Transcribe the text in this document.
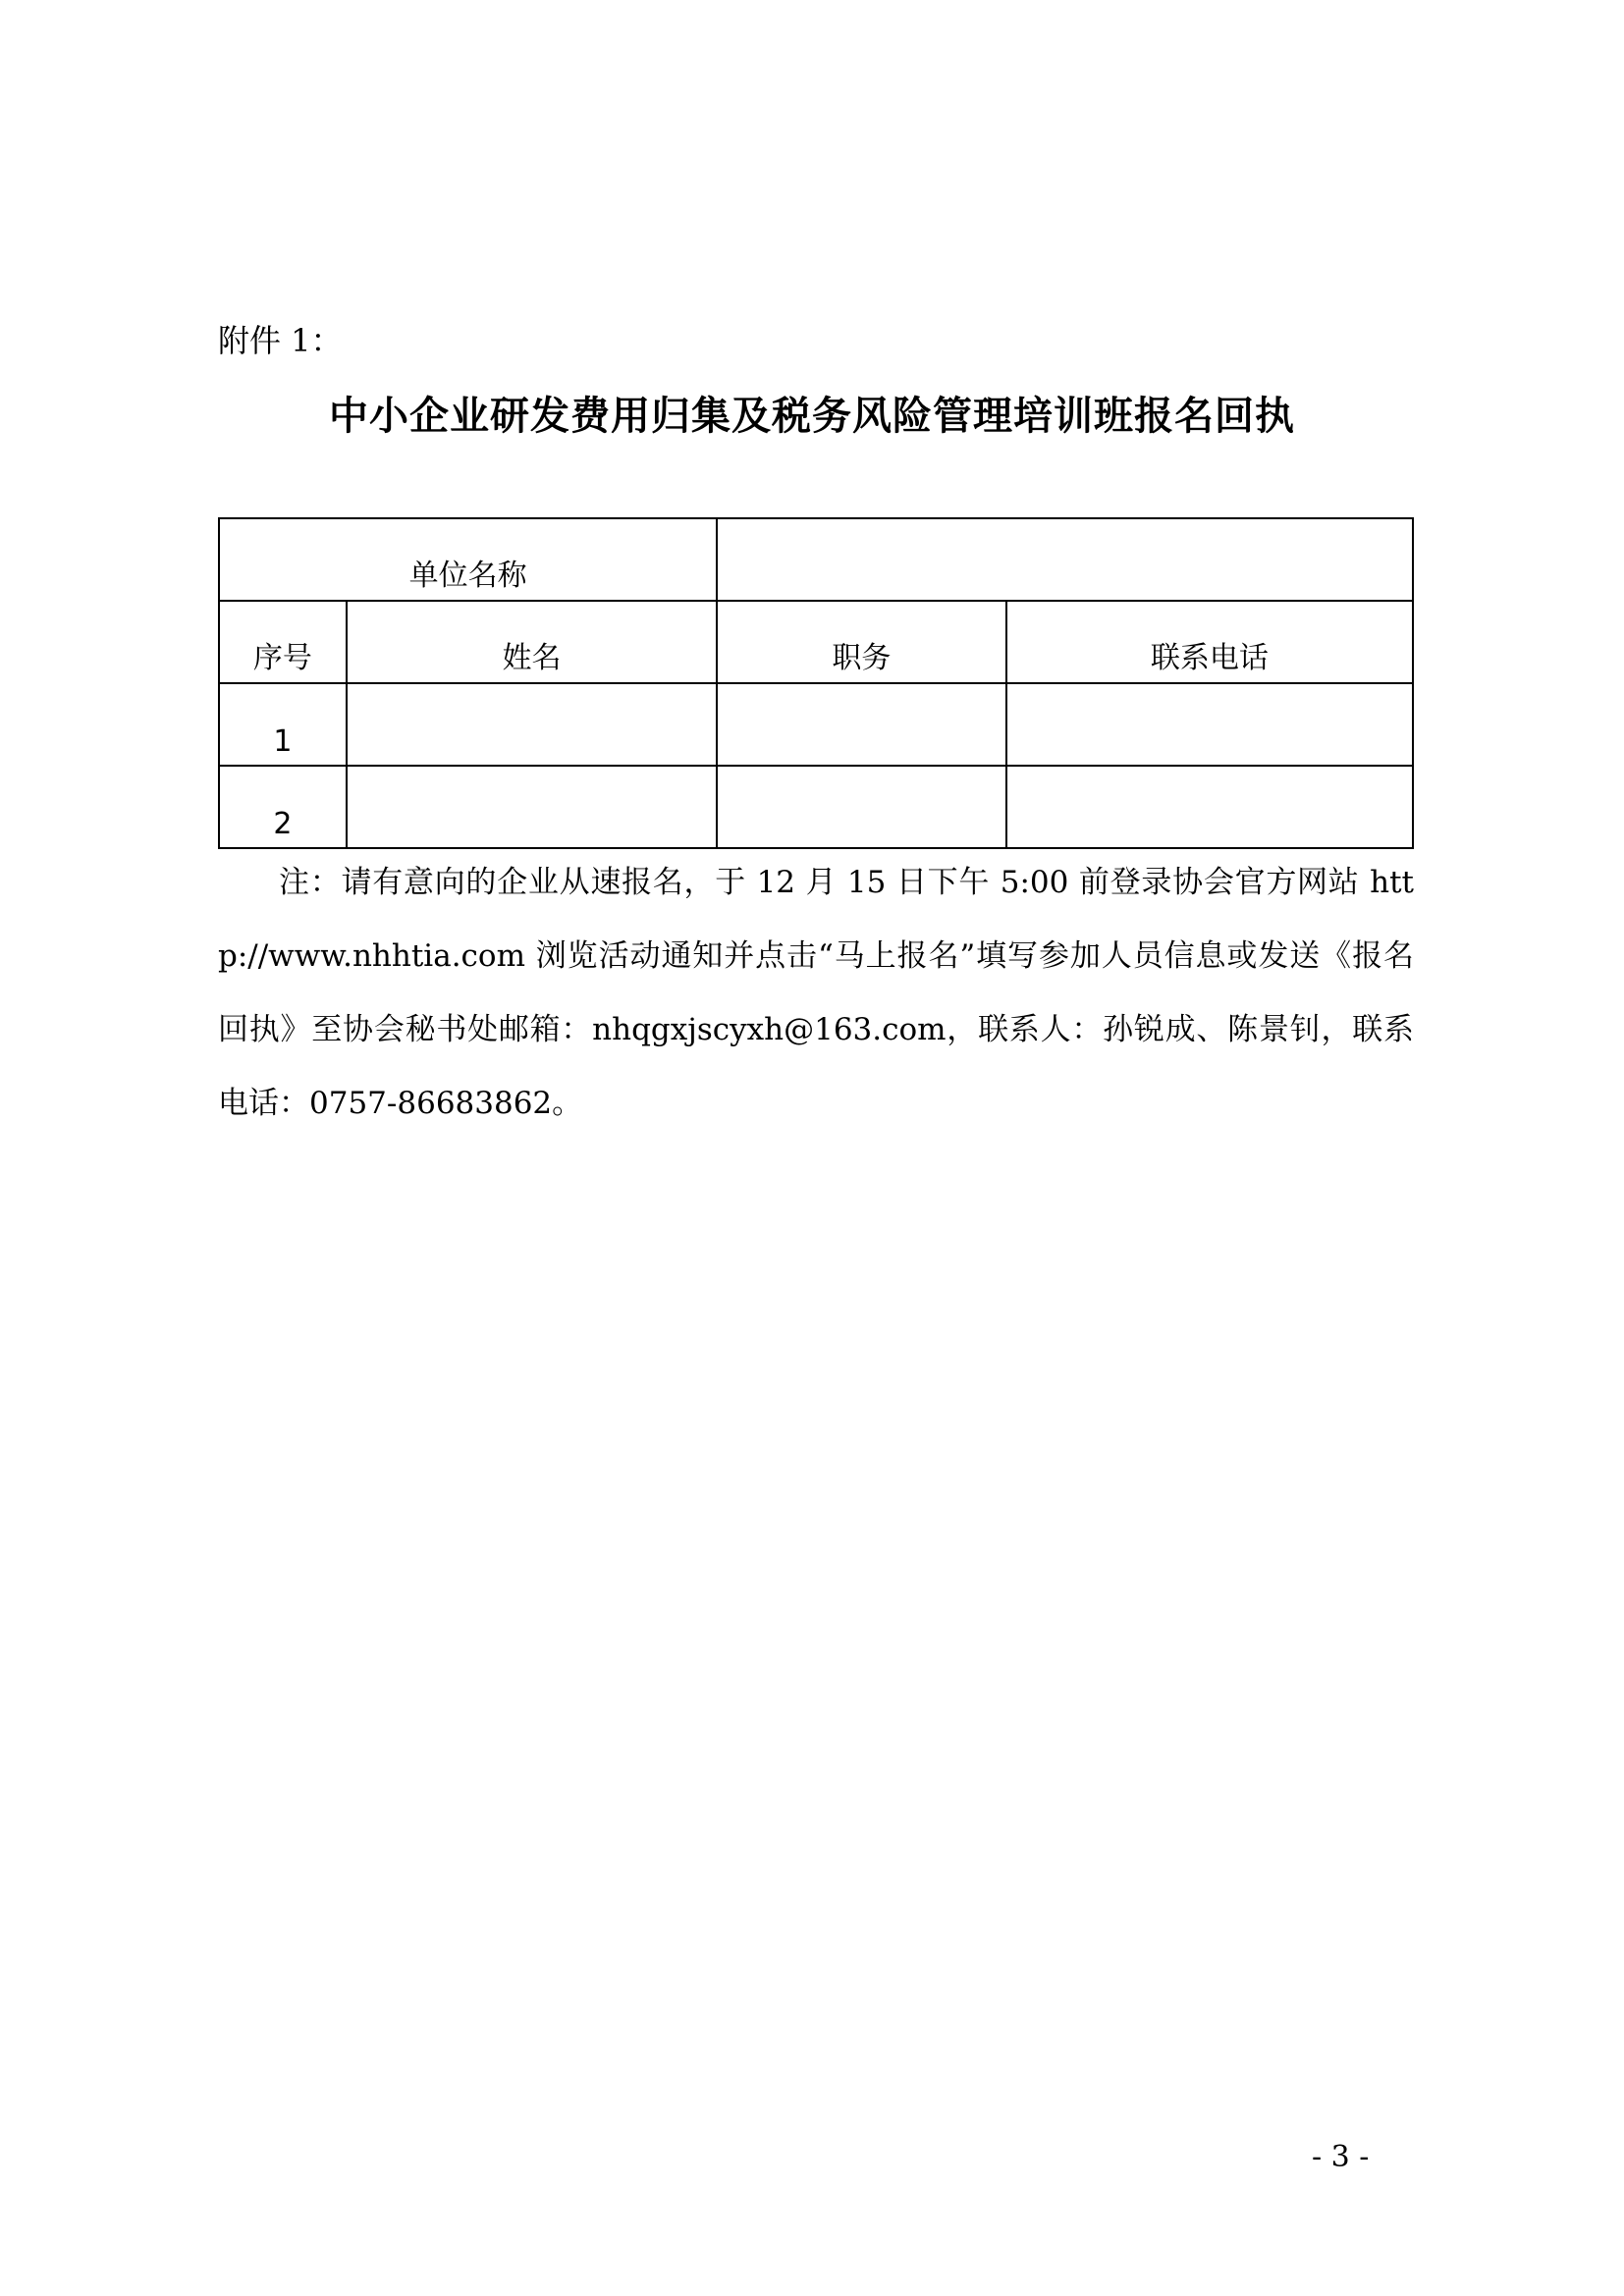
附件 1：
中小企业研发费用归集及税务风险管理培训班报名回执
单位名称			
序号	姓名	职务	联系电话
1			
2			

注：请有意向的企业从速报名，于 12 月 15 日下午 5:00 前登录协会官方网站 http://www.nhhtia.com 浏览活动通知并点击“马上报名”填写参加人员信息或发送《报名回执》至协会秘书处邮箱：nhqgxjscyxh@163.com，联系人：孙锐成、陈景钊，联系电话：0757-86683862。

- 3 -
